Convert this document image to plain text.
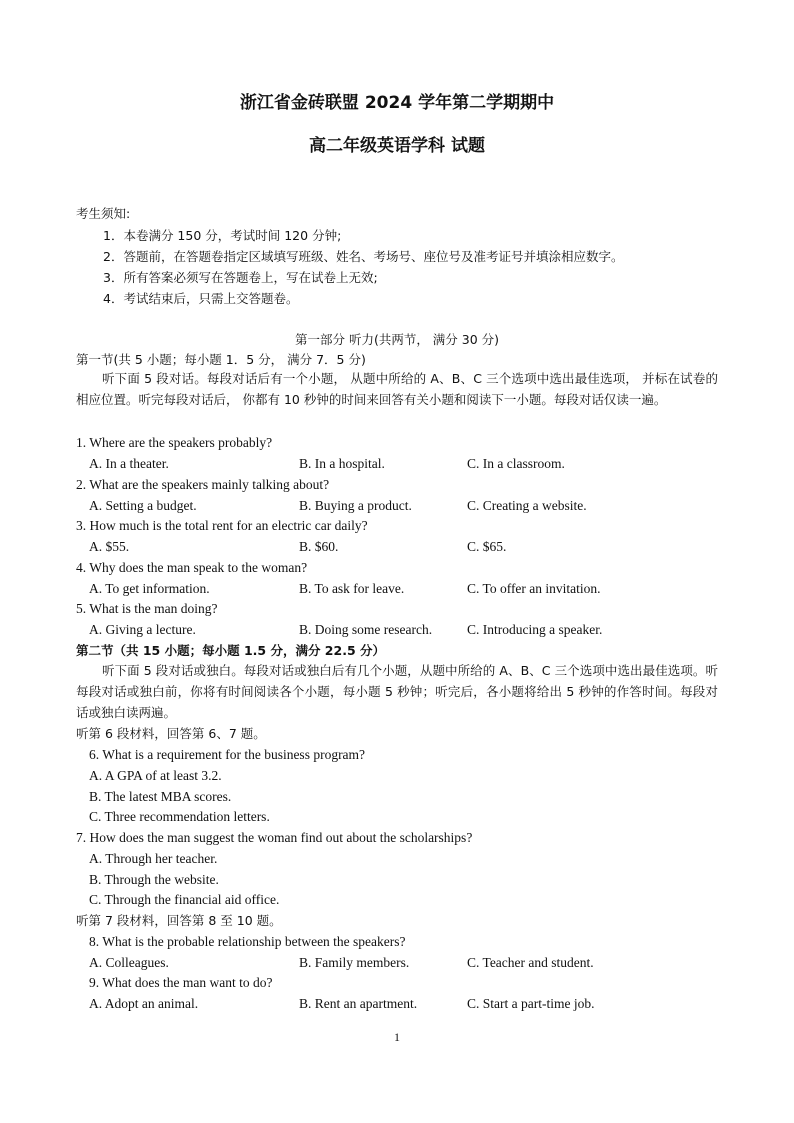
浙江省金砖联盟 2024 学年第二学期期中
高二年级英语学科 试题
考生须知:
1．本卷满分 150 分，考试时间 120 分钟;
2．答题前，在答题卷指定区域填写班级、姓名、考场号、座位号及准考证号并填涂相应数字。
3．所有答案必须写在答题卷上，写在试卷上无效;
4．考试结束后，只需上交答题卷。
第一部分 听力(共两节， 满分 30 分)
第一节(共 5 小题；每小题 1．5 分， 满分 7．5 分)
听下面 5 段对话。每段对话后有一个小题， 从题中所给的 A、B、C 三个选项中选出最佳选项， 并标在试卷的相应位置。听完每段对话后， 你都有 10 秒钟的时间来回答有关小题和阅读下一小题。每段对话仅读一遍。
1. Where are the speakers probably?
A. In a theater.	B. In a hospital.	C. In a classroom.
2. What are the speakers mainly talking about?
A. Setting a budget.	B. Buying a product.	C. Creating a website.
3. How much is the total rent for an electric car daily?
A. $55.	B. $60.	C. $65.
4. Why does the man speak to the woman?
A. To get information.	B. To ask for leave.	C. To offer an invitation.
5. What is the man doing?
A. Giving a lecture.	B. Doing some research.	C. Introducing a speaker.
第二节（共 15 小题；每小题 1.5 分，满分 22.5 分）
听下面 5 段对话或独白。每段对话或独白后有几个小题，从题中所给的 A、B、C 三个选项中选出最佳选项。听每段对话或独白前，你将有时间阅读各个小题，每小题 5 秒钟；听完后，各小题将给出 5 秒钟的作答时间。每段对话或独白读两遍。
听第 6 段材料，回答第 6、7 题。
6. What is a requirement for the business program?
A. A GPA of at least 3.2.
B. The latest MBA scores.
C. Three recommendation letters.
7. How does the man suggest the woman find out about the scholarships?
A. Through her teacher.
B. Through the website.
C. Through the financial aid office.
听第 7 段材料，回答第 8 至 10 题。
8. What is the probable relationship between the speakers?
A. Colleagues.	B. Family members.	C. Teacher and student.
9. What does the man want to do?
A. Adopt an animal.	B. Rent an apartment.	C. Start a part-time job.
1
